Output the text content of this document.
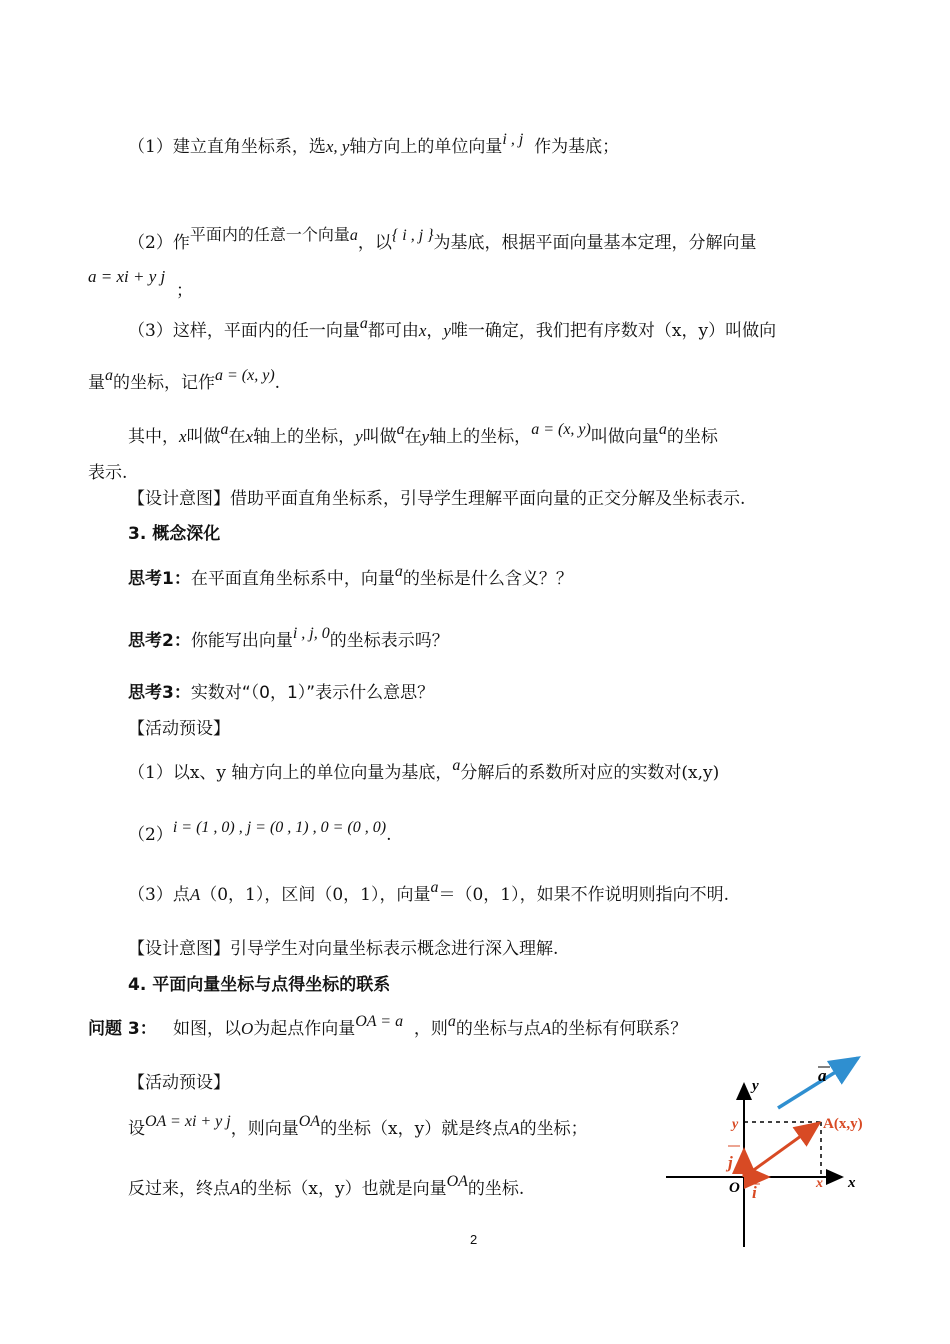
（1）建立直角坐标系，选x, y轴方向上的单位向量i , j 作为基底；
（2）作平面内的任意一个向量a，以{ i , j }为基底，根据平面向量基本定理，分解向量
a = xi + y j
；
（3）这样，平面内的任一向量a都可由x，y唯一确定，我们把有序数对（x，y）叫做向
量a的坐标，记作a = (x, y).
其中，x叫做a在x轴上的坐标，y叫做a在y轴上的坐标，a = (x, y)叫做向量a的坐标
表示.
【设计意图】借助平面直角坐标系，引导学生理解平面向量的正交分解及坐标表示.
3. 概念深化
思考1：在平面直角坐标系中，向量a的坐标是什么含义？？
思考2：你能写出向量i , j, 0的坐标表示吗？
思考3：实数对“（0，1）”表示什么意思？
【活动预设】
（1）以x、y 轴方向上的单位向量为基底，a分解后的系数所对应的实数对(x,y)
（2）i = (1 , 0) , j = (0 , 1) , 0 = (0 , 0).
（3）点A（0，1），区间（0，1），向量a＝（0，1），如果不作说明则指向不明.
【设计意图】引导学生对向量坐标表示概念进行深入理解.
4. 平面向量坐标与点得坐标的联系
问题 3： 如图，以O为起点作向量OA = a ，则a的坐标与点A的坐标有何联系？
【活动预设】
设OA = xi + y j，则向量OA的坐标（x，y）就是终点A的坐标；
反过来，终点A的坐标（x，y）也就是向量OA的坐标.
a
y
x
O
A(x,y)
y
x
j
i
2
